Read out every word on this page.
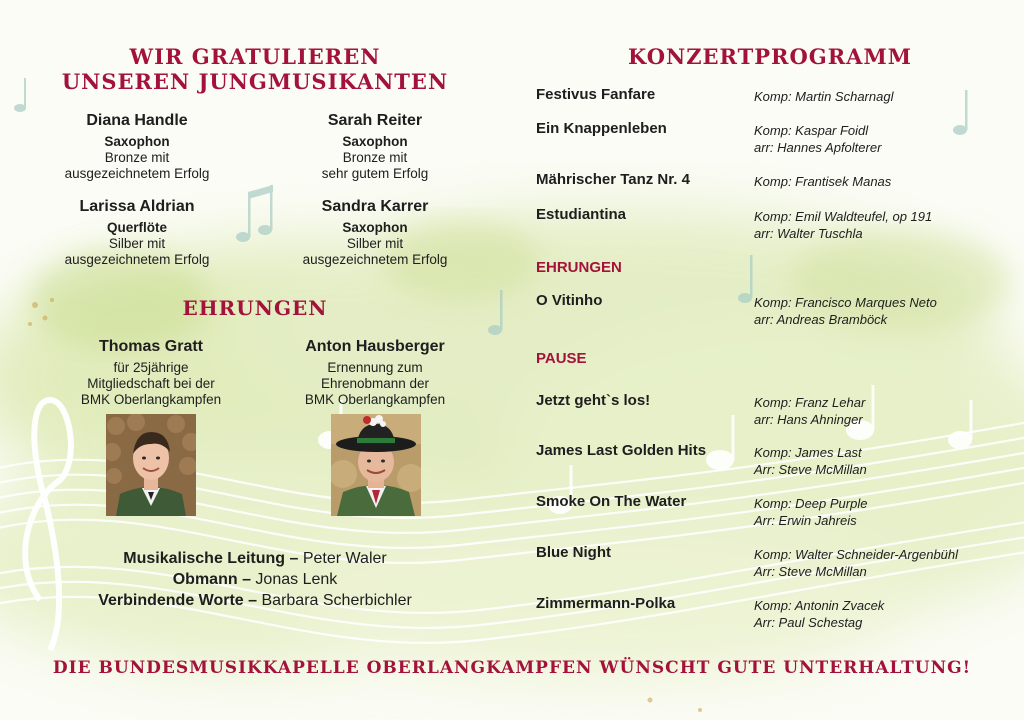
WIR GRATULIEREN
UNSEREN JUNGMUSIKANTEN
Diana Handle
Saxophon
Bronze mit
ausgezeichnetem Erfolg
Sarah Reiter
Saxophon
Bronze mit
sehr gutem Erfolg
Larissa Aldrian
Querflöte
Silber mit
ausgezeichnetem Erfolg
Sandra Karrer
Saxophon
Silber mit
ausgezeichnetem Erfolg
EHRUNGEN
Thomas Gratt
für 25jährige
Mitgliedschaft bei der
BMK Oberlangkampfen
Anton Hausberger
Ernennung zum
Ehrenobmann der
BMK Oberlangkampfen
Musikalische Leitung – Peter Waler
Obmann – Jonas Lenk
Verbindende Worte – Barbara Scherbichler
KONZERTPROGRAMM
Festivus Fanfare	Komp: Martin Scharnagl
Ein Knappenleben	Komp: Kaspar Foidl
arr: Hannes Apfolterer
Mährischer Tanz Nr. 4	Komp: Frantisek Manas
Estudiantina	Komp: Emil Waldteufel, op 191
arr: Walter Tuschla
EHRUNGEN
O Vitinho	Komp: Francisco Marques Neto
arr: Andreas Bramböck
PAUSE
Jetzt geht`s los!	Komp: Franz Lehar
arr: Hans Ahninger
James Last Golden Hits	Komp: James Last
Arr: Steve McMillan
Smoke On The Water	Komp: Deep Purple
Arr: Erwin Jahreis
Blue Night	Komp: Walter Schneider-Argenbühl
Arr: Steve McMillan
Zimmermann-Polka	Komp: Antonin Zvacek
Arr: Paul Schestag
DIE BUNDESMUSIKKAPELLE OBERLANGKAMPFEN WÜNSCHT GUTE UNTERHALTUNG!
